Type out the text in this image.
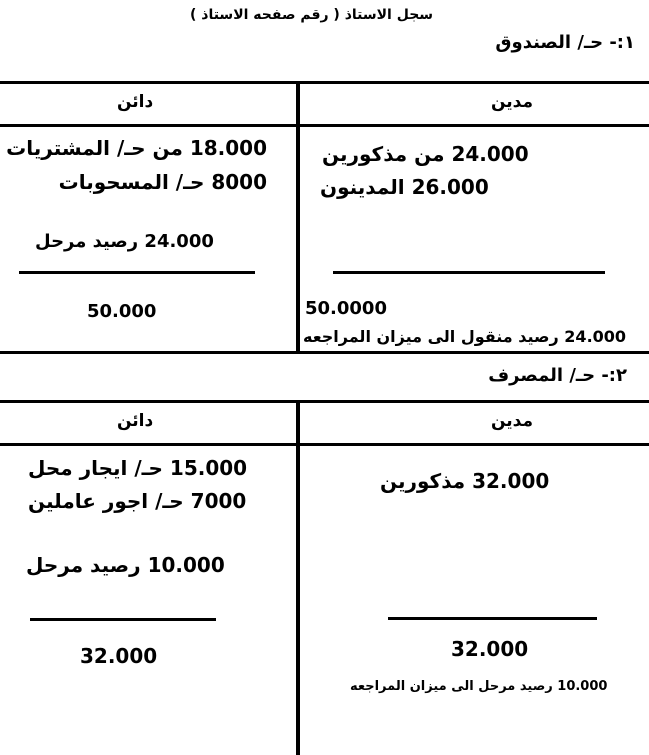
سجل الاستاذ ( رقم صفحه الاستاذ )
١:- حـ/ الصندوق
دائن	مدين
18.000 من حـ/ المشتريات
8000 حـ/ المسحوبات
24.000 رصيد مرحل
50.000
24.000 من مذكورين
26.000 المدينون
50.0000
24.000 رصيد منقول الى ميزان المراجعه
٢:- حـ/ المصرف
دائن	مدين
15.000 حـ/ ايجار محل
7000 حـ/ اجور عاملين
10.000 رصيد مرحل
32.000
32.000 مذكورين
32.000
10.000 رصيد مرحل الى ميزان المراجعه
